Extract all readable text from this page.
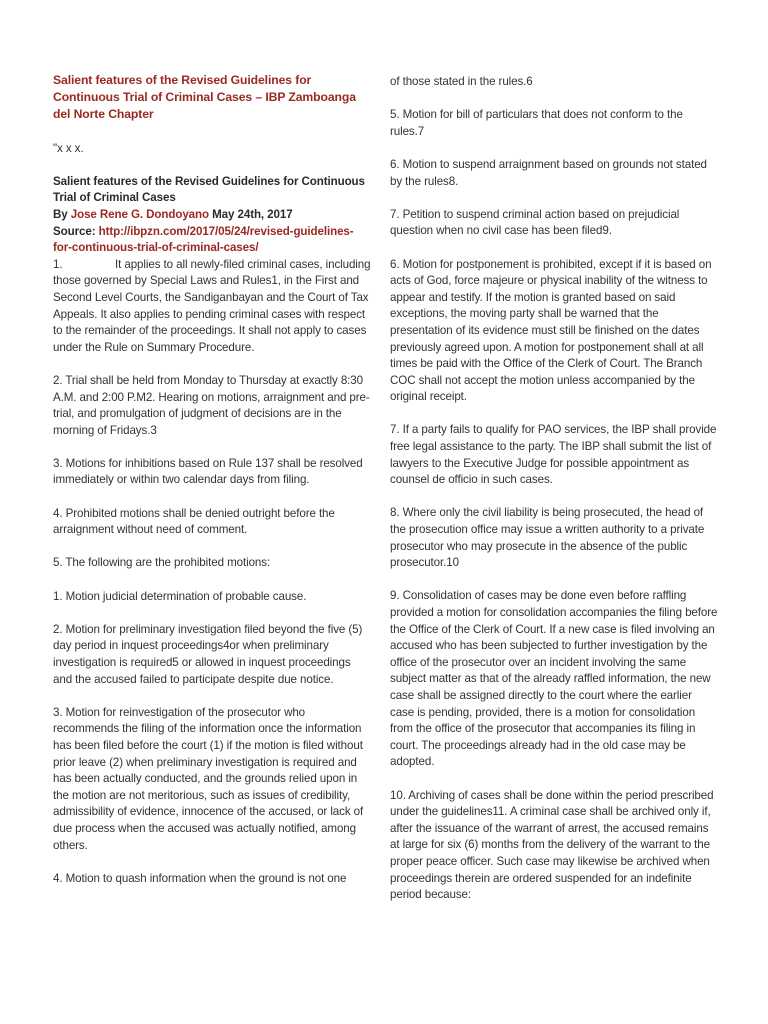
Salient features of the Revised Guidelines for Continuous Trial of Criminal Cases – IBP Zamboanga del Norte Chapter

"x x x.

Salient features of the Revised Guidelines for Continuous Trial of Criminal Cases

By Jose Rene G. Dondoyano May 24th, 2017

Source: http://ibpzn.com/2017/05/24/revised-guidelines-for-continuous-trial-of-criminal-cases/

1.	It applies to all newly-filed criminal cases, including those governed by Special Laws and Rules1, in the First and Second Level Courts, the Sandiganbayan and the Court of Tax Appeals. It also applies to pending criminal cases with respect to the remainder of the proceedings. It shall not apply to cases under the Rule on Summary Procedure.

2. Trial shall be held from Monday to Thursday at exactly 8:30 A.M. and 2:00 P.M2. Hearing on motions, arraignment and pre-trial, and promulgation of judgment of decisions are in the morning of Fridays.3

3. Motions for inhibitions based on Rule 137 shall be resolved immediately or within two calendar days from filing.

4. Prohibited motions shall be denied outright before the arraignment without need of comment.

5. The following are the prohibited motions:

1. Motion judicial determination of probable cause.

2. Motion for preliminary investigation filed beyond the five (5) day period in inquest proceedings4or when preliminary investigation is required5 or allowed in inquest proceedings and the accused failed to participate despite due notice.

3. Motion for reinvestigation of the prosecutor who recommends the filing of the information once the information has been filed before the court (1) if the motion is filed without prior leave (2) when preliminary investigation is required and has been actually conducted, and the grounds relied upon in the motion are not meritorious, such as issues of credibility, admissibility of evidence, innocence of the accused, or lack of due process when the accused was actually notified, among others.

4. Motion to quash information when the ground is not one

of those stated in the rules.6

5. Motion for bill of particulars that does not conform to the rules.7

6. Motion to suspend arraignment based on grounds not stated by the rules8.

7. Petition to suspend criminal action based on prejudicial question when no civil case has been filed9.

6. Motion for postponement is prohibited, except if it is based on acts of God, force majeure or physical inability of the witness to appear and testify. If the motion is granted based on said exceptions, the moving party shall be warned that the presentation of its evidence must still be finished on the dates previously agreed upon. A motion for postponement shall at all times be paid with the Office of the Clerk of Court. The Branch COC shall not accept the motion unless accompanied by the original receipt.

7. If a party fails to qualify for PAO services, the IBP shall provide free legal assistance to the party. The IBP shall submit the list of lawyers to the Executive Judge for possible appointment as counsel de officio in such cases.

8. Where only the civil liability is being prosecuted, the head of the prosecution office may issue a written authority to a private prosecutor who may prosecute in the absence of the public prosecutor.10

9. Consolidation of cases may be done even before raffling provided a motion for consolidation accompanies the filing before the Office of the Clerk of Court. If a new case is filed involving an accused who has been subjected to further investigation by the office of the prosecutor over an incident involving the same subject matter as that of the already raffled information, the new case shall be assigned directly to the court where the earlier case is pending, provided, there is a motion for consolidation from the office of the prosecutor that accompanies its filing in court. The proceedings already had in the old case may be adopted.

10. Archiving of cases shall be done within the period prescribed under the guidelines11. A criminal case shall be archived only if, after the issuance of the warrant of arrest, the accused remains at large for six (6) months from the delivery of the warrant to the proper peace officer. Such case may likewise be archived when proceedings therein are ordered suspended for an indefinite period because:
